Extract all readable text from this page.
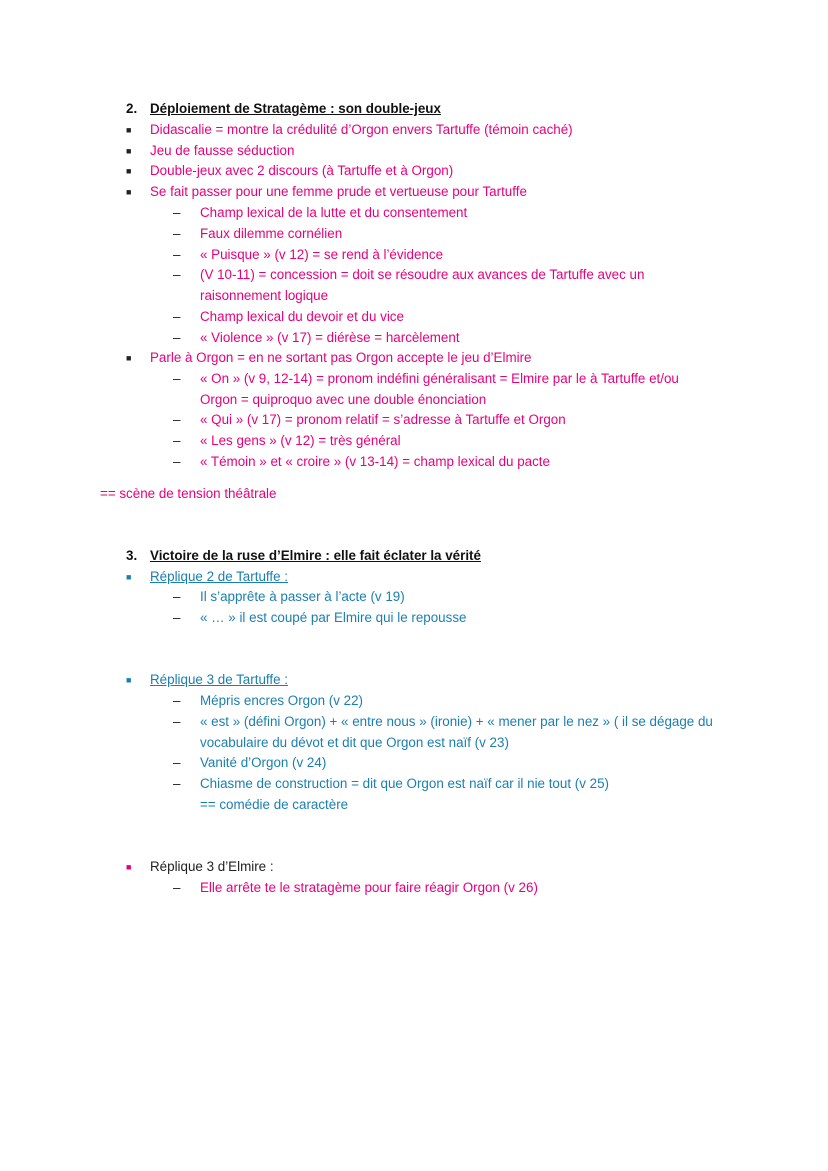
2. Déploiement de Stratagème : son double-jeux
■ Didascalie = montre la crédulité d’Orgon envers Tartuffe (témoin caché)
■ Jeu de fausse séduction
■ Double-jeux avec 2 discours (à Tartuffe et à Orgon)
■ Se fait passer pour une femme prude et vertueuse pour Tartuffe
– Champ lexical de la lutte et du consentement
– Faux dilemme cornélien
– « Puisque » (v 12) = se rend à l’évidence
– (V 10-11) = concession = doit se résoudre aux avances de Tartuffe avec un raisonnement logique
– Champ lexical du devoir et du vice
– « Violence » (v 17) = diérèse = harcèlement
■ Parle à Orgon = en ne sortant pas Orgon accepte le jeu d’Elmire
– « On » (v 9, 12-14) = pronom indéfini généralisant = Elmire par le à Tartuffe et/ou Orgon = quiproquo avec une double énonciation
– « Qui » (v 17) = pronom relatif = s’adresse à Tartuffe et Orgon
– « Les gens » (v 12) = très général
– « Témoin » et « croire » (v 13-14) = champ lexical du pacte
== scène de tension théâtrale
3. Victoire de la ruse d’Elmire : elle fait éclater la vérité
■ Réplique 2 de Tartuffe :
– Il s’apprête à passer à l’acte (v 19)
– « … » il est coupé par Elmire qui le repousse
■ Réplique 3 de Tartuffe :
– Mépris encres Orgon (v 22)
– « est » (défini Orgon) + « entre nous » (ironie) + « mener par le nez » ( il se dégage du vocabulaire du dévot et dit que Orgon est naïf (v 23)
– Vanité d’Orgon (v 24)
– Chiasme de construction = dit que Orgon est naïf car il nie tout (v 25)
== comédie de caractère
■ Réplique 3 d’Elmire :
– Elle arrête te le stratagème pour faire réagir Orgon (v 26)
